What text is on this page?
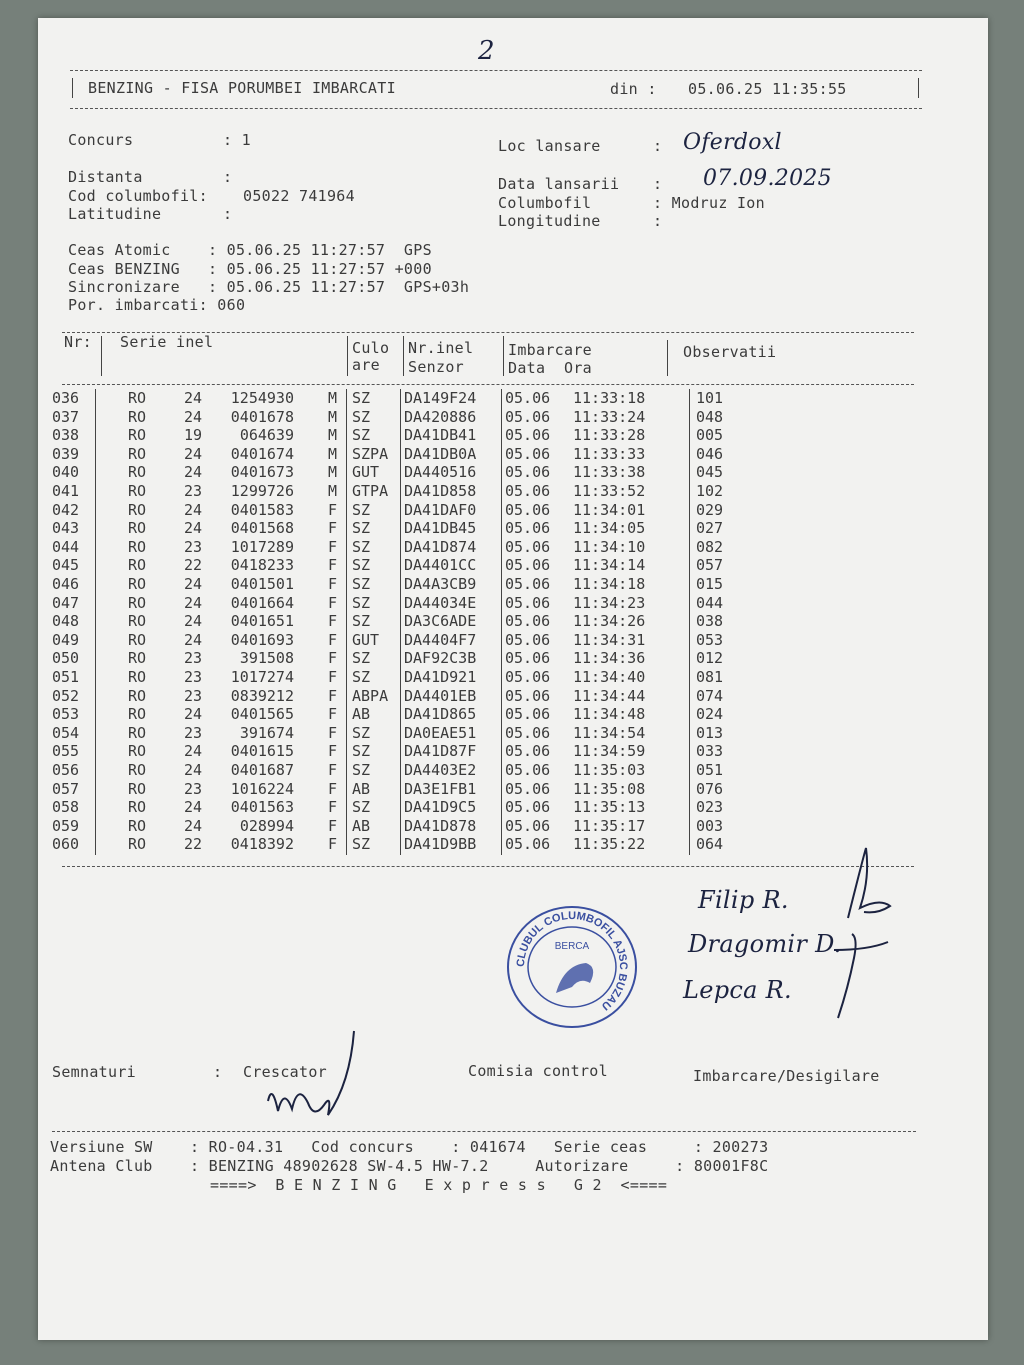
2
BENZING - FISA PORUMBEI IMBARCATI	din : 05.06.25 11:35:55
Concurs	: 1
Distanta	:
Cod columbofil: 05022 741964
Latitudine	:
Loc lansare	: Oferdoxl
Data lansarii : 07.09.2025
Columbofil	: Modruz Ion
Longitudine	:
Ceas Atomic    : 05.06.25 11:27:57  GPS
Ceas BENZING   : 05.06.25 11:27:57 +000
Sincronizare   : 05.06.25 11:27:57  GPS+03h
Por. imbarcati: 060
Nr: Serie inel	Culo
are
Nr.inel
Senzor
Imbarcare
Data  Ora
Observatii
036	RO	24	1254930 M SZ DA149F24 05.06 11:33:18	101
037	RO	24	0401678 M SZ DA420886 05.06 11:33:24	048
038	RO	19	064639 M SZ DA41DB41 05.06 11:33:28	005
039	RO	24	0401674 M SZPA DA41DB0A 05.06 11:33:33	046
040	RO	24	0401673 M GUT DA440516 05.06 11:33:38	045
041	RO	23	1299726 M GTPA DA41D858 05.06 11:33:52	102
042	RO	24	0401583 F SZ DA41DAF0 05.06 11:34:01	029
043	RO	24	0401568 F SZ DA41DB45 05.06 11:34:05	027
044	RO	23	1017289 F SZ DA41D874 05.06 11:34:10	082
045	RO	22	0418233 F SZ DA4401CC 05.06 11:34:14	057
046	RO	24	0401501 F SZ DA4A3CB9 05.06 11:34:18	015
047	RO	24	0401664 F SZ DA44034E 05.06 11:34:23	044
048	RO	24	0401651 F SZ DA3C6ADE 05.06 11:34:26	038
049	RO	24	0401693 F GUT DA4404F7 05.06 11:34:31	053
050	RO	23	391508 F SZ DAF92C3B 05.06 11:34:36	012
051	RO	23	1017274 F SZ DA41D921 05.06 11:34:40	081
052	RO	23	0839212 F ABPA DA4401EB 05.06 11:34:44	074
053	RO	24	0401565 F AB DA41D865 05.06 11:34:48	024
054	RO	23	391674 F SZ DA0EAE51 05.06 11:34:54	013
055	RO	24	0401615 F SZ DA41D87F 05.06 11:34:59	033
056	RO	24	0401687 F SZ DA4403E2 05.06 11:35:03	051
057	RO	23	1016224 F AB DA3E1FB1 05.06 11:35:08	076
058	RO	24	0401563 F SZ DA41D9C5 05.06 11:35:13	023
059	RO	24	028994 F AB DA41D878 05.06 11:35:17	003
060	RO	22	0418392 F SZ DA41D9BB 05.06 11:35:22	064
CLUBUL COLUMBOFIL AJSC BUZAU
BERCA
Filip R.
Dragomir D.
Lepca R.
Semnaturi	: Crescator	Comisia control	Imbarcare/Desigilare
Versiune SW    : RO-04.31   Cod concurs    : 041674   Serie ceas     : 200273
Antena Club    : BENZING 48902628 SW-4.5 HW-7.2     Autorizare     : 80001F8C
====>  B E N Z I N G   E x p r e s s   G 2  <====
